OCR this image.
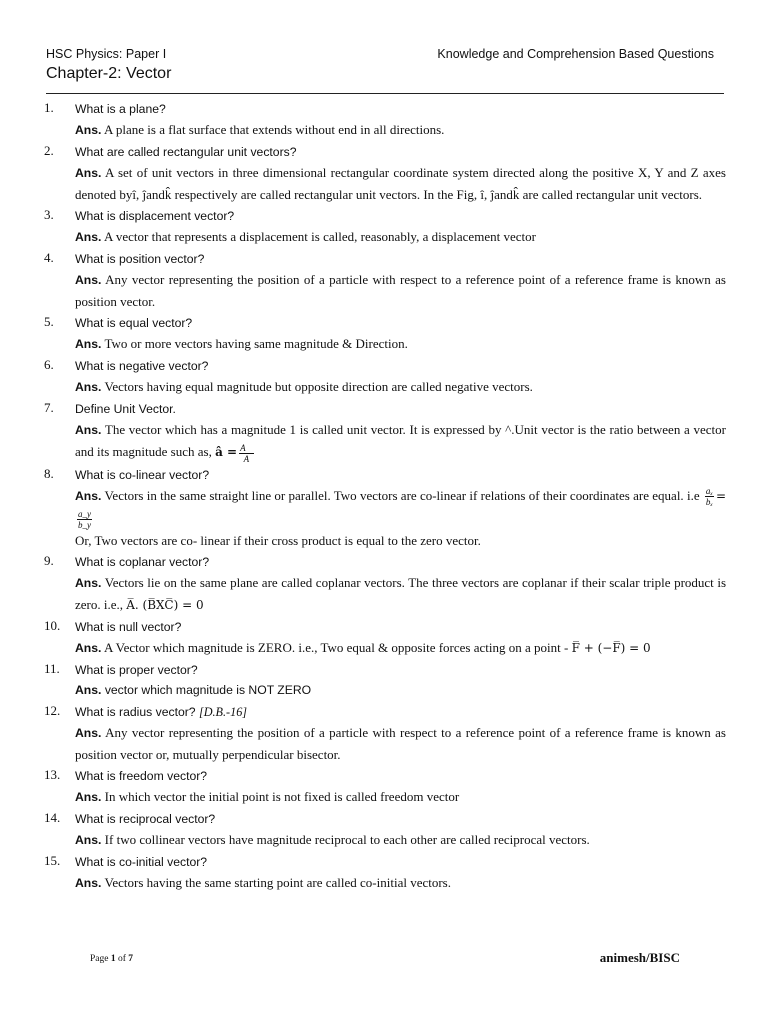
HSC Physics: Paper I	Knowledge and Comprehension Based Questions
Chapter-2: Vector
1.	What is a plane?
Ans. A plane is a flat surface that extends without end in all directions.
2.	What are called rectangular unit vectors?
Ans. A set of unit vectors in three dimensional rectangular coordinate system directed along the positive X, Y and Z axes denoted byî, ĵandk̂ respectively are called rectangular unit vectors. In the Fig, î, ĵandk̂ are called rectangular unit vectors.
3.	What is displacement vector?
Ans. A vector that represents a displacement is called, reasonably, a displacement vector
4.	What is position vector?
Ans. Any vector representing the position of a particle with respect to a reference point of a reference frame is known as position vector.
5.	What is equal vector?
Ans. Two or more vectors having same magnitude & Direction.
6.	What is negative vector?
Ans. Vectors having equal magnitude but opposite direction are called negative vectors.
7.	Define Unit Vector.
Ans. The vector which has a magnitude 1 is called unit vector. It is expressed by ^.Unit vector is the ratio between a vector and its magnitude such as, â = $\frac{A⃗}{A}$
8.	What is co-linear vector?
Ans. Vectors in the same straight line or parallel. Two vectors are co-linear if relations of their coordinates are equal. $i.e \frac{\text{aₓ}}{\text{bₓ}}$ =
$\frac{a\_y}{b\_y}$
Or, Two vectors are co- linear if their cross product is equal to the zero vector.
9.	What is coplanar vector?
Ans. Vectors lie on the same plane are called coplanar vectors. The three vectors are coplanar if their scalar triple product is zero. i.e., A̅. (B̅XC̅) = 0
10.	What is null vector?
Ans. A Vector which magnitude is ZERO. i.e., Two equal & opposite forces acting on a point - F̅ + (−F̅) = 0
11.	What is proper vector?
Ans. vector which magnitude is NOT ZERO
12.	What is radius vector? [D.B.-16]
Ans. Any vector representing the position of a particle with respect to a reference point of a reference frame is known as position vector or, mutually perpendicular bisector.
13.	What is freedom vector?
Ans. In which vector the initial point is not fixed is called freedom vector
14.	What is reciprocal vector?
Ans. If two collinear vectors have magnitude reciprocal to each other are called reciprocal vectors.
15.	What is co-initial vector?
Ans. Vectors having the same starting point are called co-initial vectors.
Page 1 of 7	animesh/BISC
